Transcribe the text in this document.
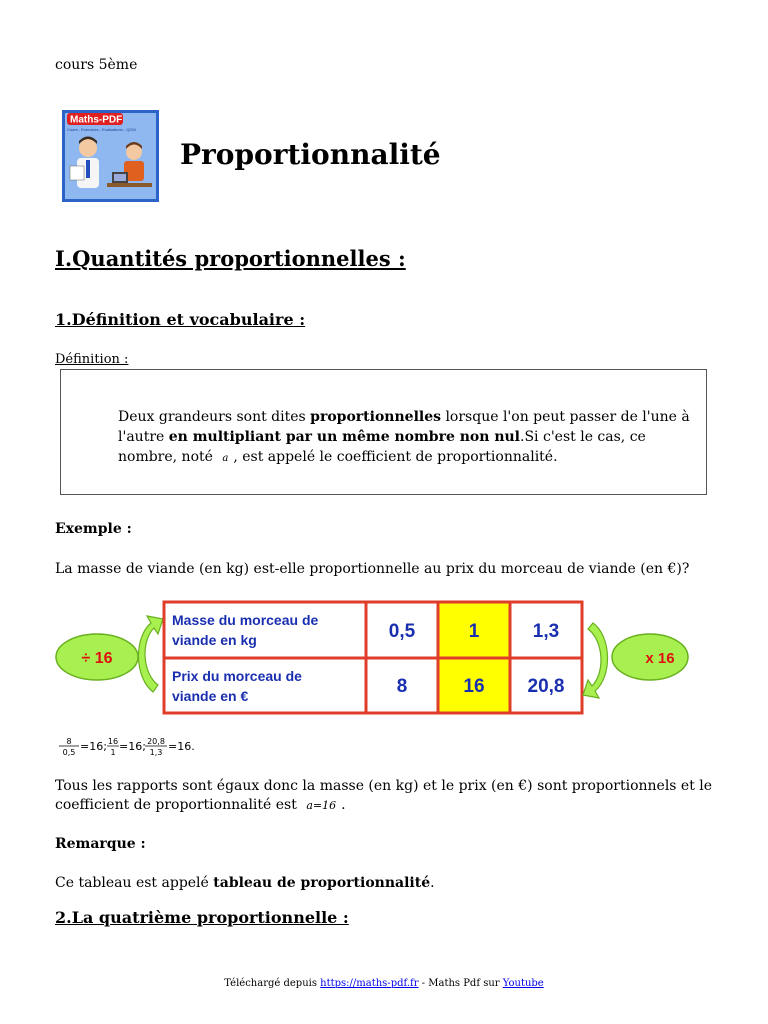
cours 5ème
Maths-PDF
Cours - Exercices - Evaluations - QCM
Proportionnalité
I.Quantités proportionnelles :
1.Définition et vocabulaire :
Définition :
Deux grandeurs sont dites proportionnelles lorsque l'on peut passer de l'une à l'autre en multipliant par un même nombre non nul.Si c'est le cas, ce nombre, noté a , est appelé le coefficient de proportionnalité.
Exemple :
La masse de viande (en kg) est-elle proportionnelle au prix du morceau de viande (en €)?
÷ 16
Masse du morceau de
viande en kg
Prix du morceau de
viande en €
0,5	1	1,3
8	16 20,8
x 16
8
0,5 =16; 16
1 =16; 20,8
1,3 =16.
Tous les rapports sont égaux donc la masse (en kg) et le prix (en €) sont proportionnels et le coefficient de proportionnalité est a=16 .
Remarque :
Ce tableau est appelé tableau de proportionnalité.
2.La quatrième proportionnelle :
Téléchargé depuis https://maths-pdf.fr - Maths Pdf sur Youtube
